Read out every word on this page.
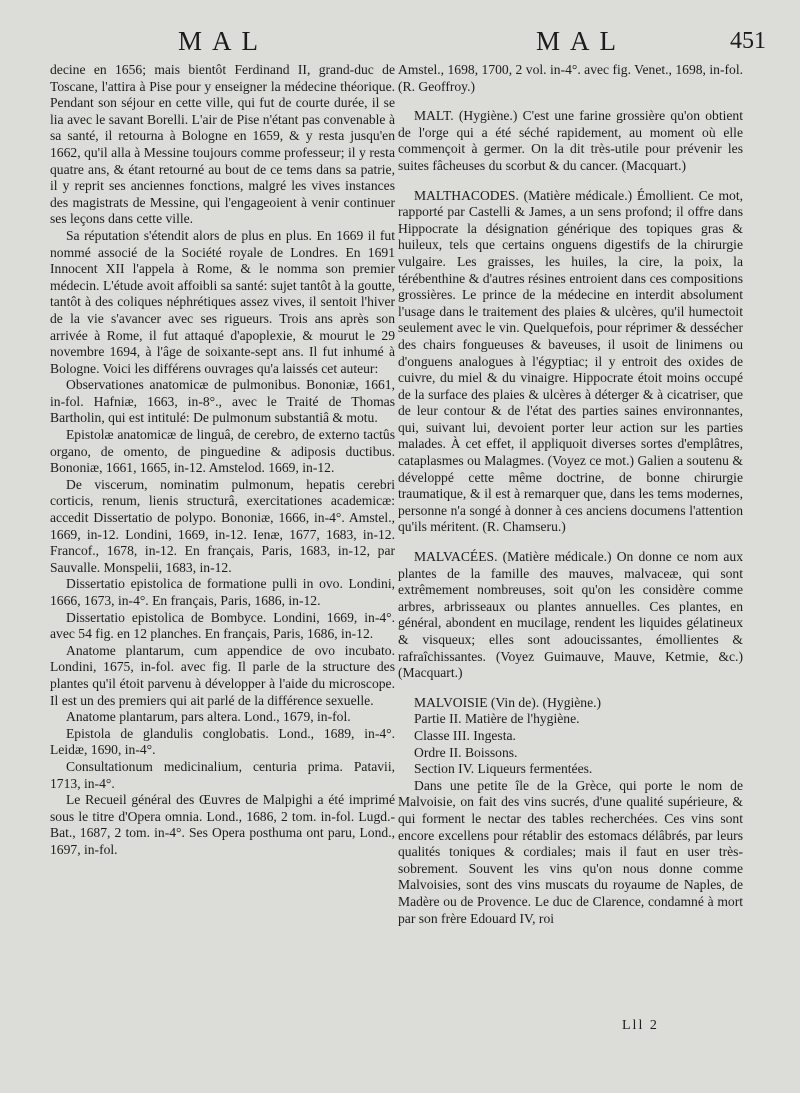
MAL	MAL	451

decine en 1656; mais bientôt Ferdinand II, grand-duc de Toscane, l'attira à Pise pour y enseigner la médecine théorique. Pendant son séjour en cette ville, qui fut de courte durée, il se lia avec le savant Borelli. L'air de Pise n'étant pas convenable à sa santé, il retourna à Bologne en 1659, & y resta jusqu'en 1662, qu'il alla à Messine toujours comme professeur; il y resta quatre ans, & étant retourné au bout de ce tems dans sa patrie, il y reprit ses anciennes fonctions, malgré les vives instances des magistrats de Messine, qui l'engageoient à venir continuer ses leçons dans cette ville.

Sa réputation s'étendit alors de plus en plus. En 1669 il fut nommé associé de la Société royale de Londres. En 1691 Innocent XII l'appela à Rome, & le nomma son premier médecin. L'étude avoit affoibli sa santé: sujet tantôt à la goutte, tantôt à des coliques néphrétiques assez vives, il sentoit l'hiver de la vie s'avancer avec ses rigueurs. Trois ans après son arrivée à Rome, il fut attaqué d'apoplexie, & mourut le 29 novembre 1694, à l'âge de soixante-sept ans. Il fut inhumé à Bologne. Voici les différens ouvrages qu'a laissés cet auteur:

Observationes anatomicæ de pulmonibus. Bononiæ, 1661, in-fol. Hafniæ, 1663, in-8°., avec le Traité de Thomas Bartholin, qui est intitulé: De pulmonum substantiâ & motu.

Epistolæ anatomicæ de linguâ, de cerebro, de externo tactûs organo, de omento, de pinguedine & adiposis ductibus. Bononiæ, 1661, 1665, in-12. Amstelod. 1669, in-12.

De viscerum, nominatim pulmonum, hepatis cerebri corticis, renum, lienis structurâ, exercitationes academicæ: accedit Dissertatio de polypo. Bononiæ, 1666, in-4°. Amstel., 1669, in-12. Londini, 1669, in-12. Ienæ, 1677, 1683, in-12. Francof., 1678, in-12. En français, Paris, 1683, in-12, par Sauvalle. Monspelii, 1683, in-12.

Dissertatio epistolica de formatione pulli in ovo. Londini, 1666, 1673, in-4°. En français, Paris, 1686, in-12.

Dissertatio epistolica de Bombyce. Londini, 1669, in-4°. avec 54 fig. en 12 planches. En français, Paris, 1686, in-12.

Anatome plantarum, cum appendice de ovo incubato. Londini, 1675, in-fol. avec fig. Il parle de la structure des plantes qu'il étoit parvenu à développer à l'aide du microscope. Il est un des premiers qui ait parlé de la différence sexuelle.

Anatome plantarum, pars altera. Lond., 1679, in-fol.

Epistola de glandulis conglobatis. Lond., 1689, in-4°. Leidæ, 1690, in-4°.

Consultationum medicinalium, centuria prima. Patavii, 1713, in-4°.

Le Recueil général des Œuvres de Malpighi a été imprimé sous le titre d'Opera omnia. Lond., 1686, 2 tom. in-fol. Lugd.-Bat., 1687, 2 tom. in-4°. Ses Opera posthuma ont paru, Lond., 1697, in-fol.

Amstel., 1698, 1700, 2 vol. in-4°. avec fig. Venet., 1698, in-fol. (R. Geoffroy.)

MALT. (Hygiène.) C'est une farine grossière qu'on obtient de l'orge qui a été séché rapidement, au moment où elle commençoit à germer. On la dit très-utile pour prévenir les suites fâcheuses du scorbut & du cancer. (Macquart.)

MALTHACODES. (Matière médicale.) Émollient. Ce mot, rapporté par Castelli & James, a un sens profond; il offre dans Hippocrate la désignation générique des topiques gras & huileux, tels que certains onguens digestifs de la chirurgie vulgaire. Les graisses, les huiles, la cire, la poix, la térébenthine & d'autres résines entroient dans ces compositions grossières. Le prince de la médecine en interdit absolument l'usage dans le traitement des plaies & ulcères, qu'il humectoit seulement avec le vin. Quelquefois, pour réprimer & dessécher des chairs fongueuses & baveuses, il usoit de linimens ou d'onguens analogues à l'égyptiac; il y entroit des oxides de cuivre, du miel & du vinaigre. Hippocrate étoit moins occupé de la surface des plaies & ulcères à déterger & à cicatriser, que de leur contour & de l'état des parties saines environnantes, qui, suivant lui, devoient porter leur action sur les parties malades. À cet effet, il appliquoit diverses sortes d'emplâtres, cataplasmes ou Malagmes. (Voyez ce mot.) Galien a soutenu & développé cette même doctrine, de bonne chirurgie traumatique, & il est à remarquer que, dans les tems modernes, personne n'a songé à donner à ces anciens documens l'attention qu'ils méritent. (R. Chamseru.)

MALVACÉES. (Matière médicale.) On donne ce nom aux plantes de la famille des mauves, malvaceæ, qui sont extrêmement nombreuses, soit qu'on les considère comme arbres, arbrisseaux ou plantes annuelles. Ces plantes, en général, abondent en mucilage, rendent les liquides gélatineux & visqueux; elles sont adoucissantes, émollientes & rafraîchissantes. (Voyez Guimauve, Mauve, Ketmie, &c.) (Macquart.)

MALVOISIE (Vin de). (Hygiène.)

Partie II. Matière de l'hygiène.

Classe III. Ingesta.

Ordre II. Boissons.

Section IV. Liqueurs fermentées.

Dans une petite île de la Grèce, qui porte le nom de Malvoisie, on fait des vins sucrés, d'une qualité supérieure, & qui forment le nectar des tables recherchées. Ces vins sont encore excellens pour rétablir des estomacs délâbrés, par leurs qualités toniques & cordiales; mais il faut en user très-sobrement. Souvent les vins qu'on nous donne comme Malvoisies, sont des vins muscats du royaume de Naples, de Madère ou de Provence. Le duc de Clarence, condamné à mort par son frère Edouard IV, roi

Lll 2
